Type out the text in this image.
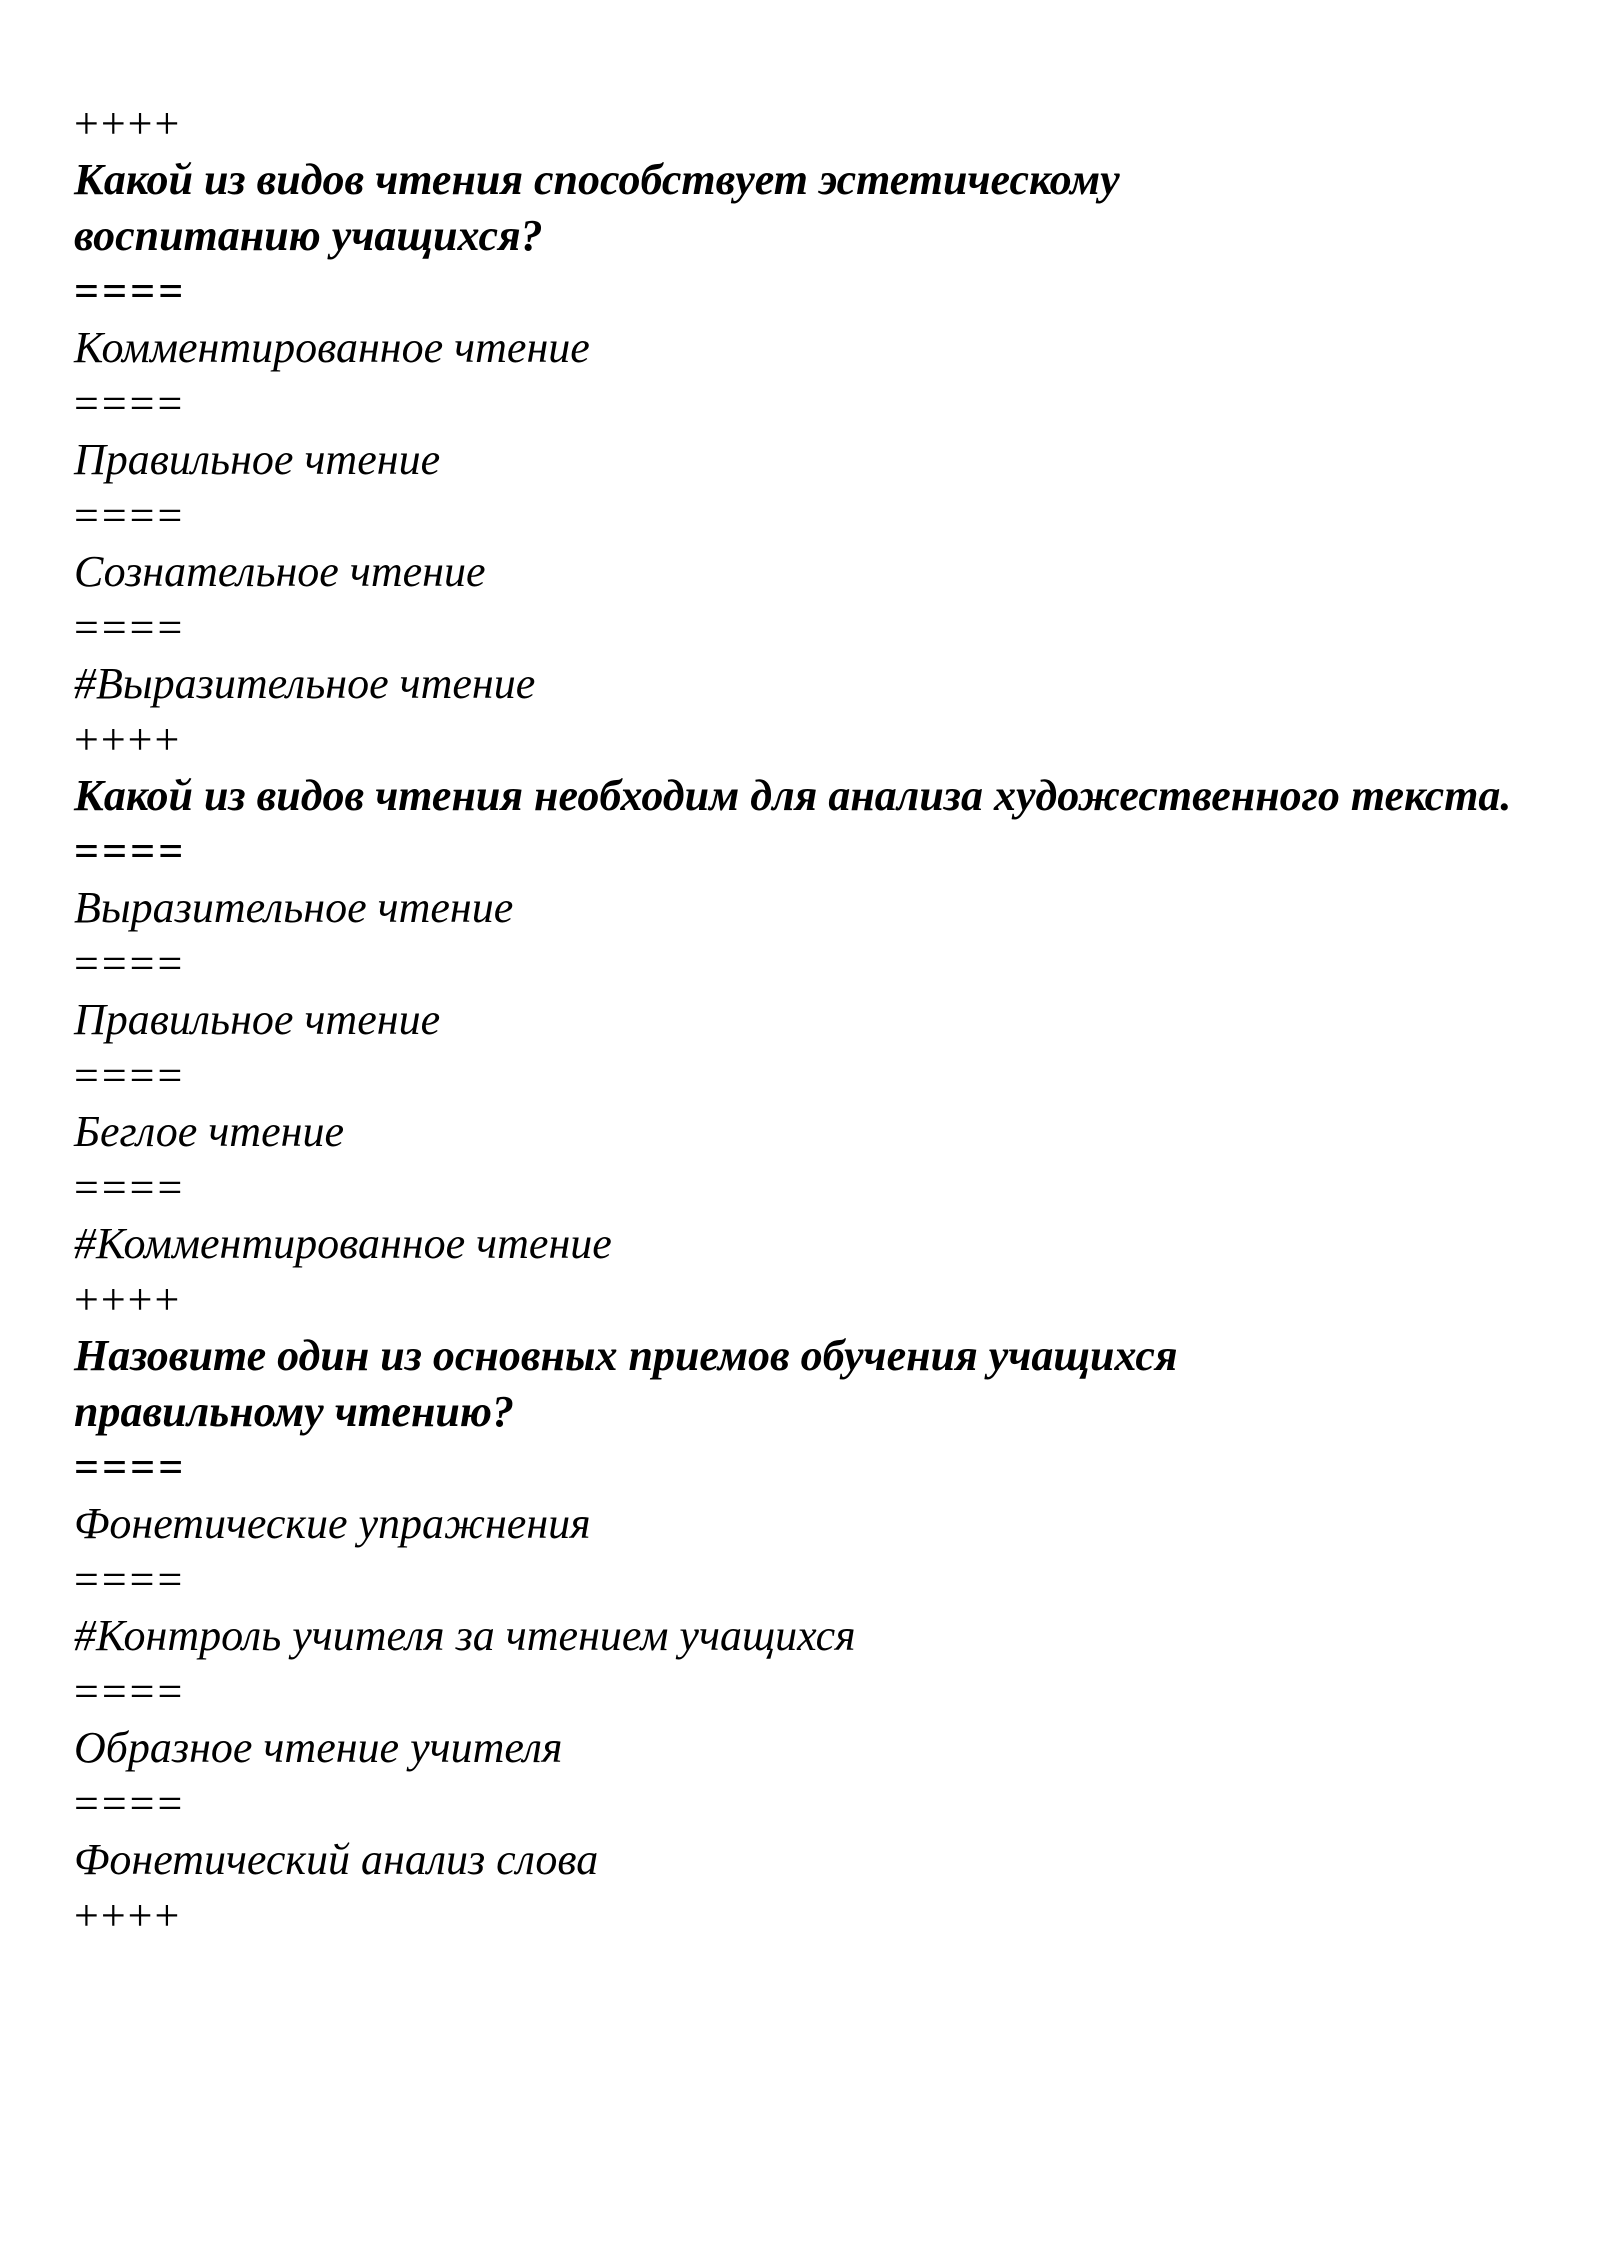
++++
Какой из видов чтения способствует эстетическому воспитанию учащихся?
====
Комментированное чтение
====
Правильное чтение
====
Сознательное чтение
====
#Выразительное чтение
++++
Какой из видов чтения необходим для анализа художественного текста.
====
Выразительное чтение
====
Правильное чтение
====
Беглое чтение
====
#Комментированное чтение
++++
Назовите один из основных приемов обучения учащихся правильному чтению?
====
Фонетические упражнения
====
#Контроль учителя за чтением учащихся
====
Образное чтение учителя
====
Фонетический анализ слова
++++
